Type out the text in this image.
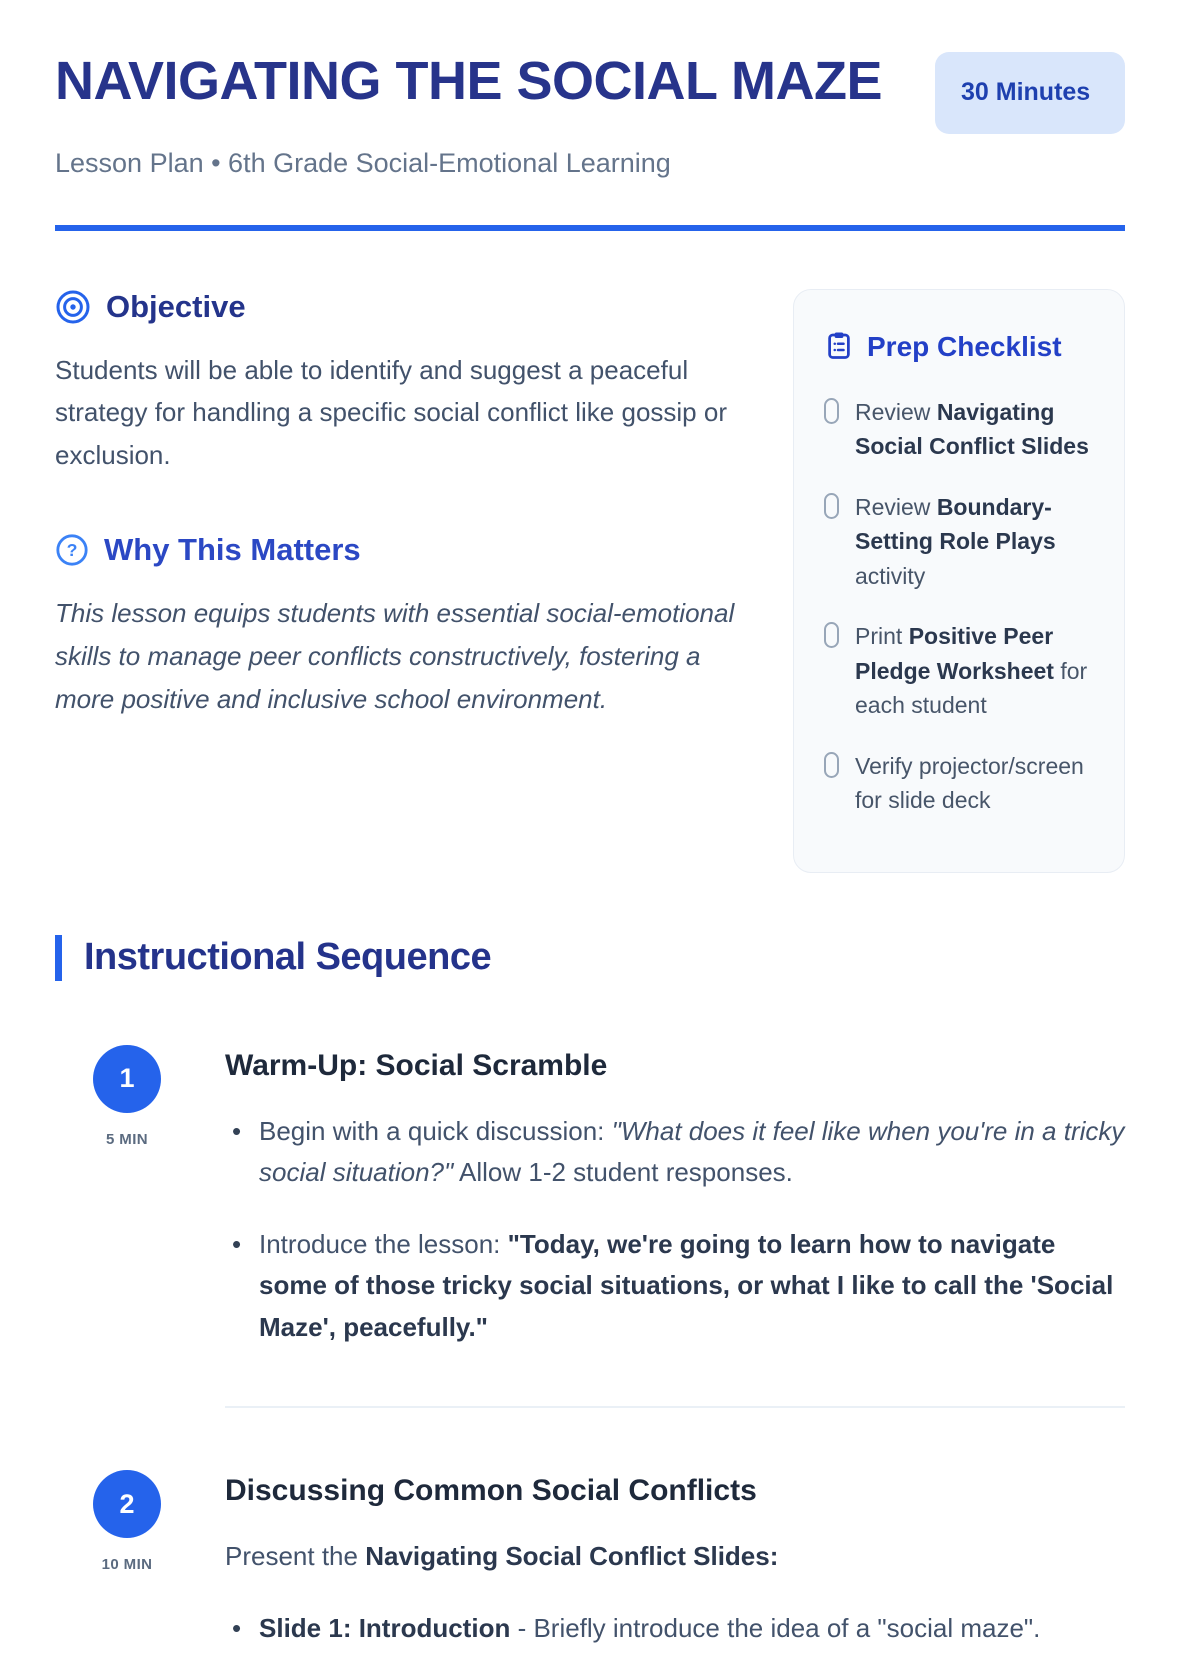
NAVIGATING THE SOCIAL MAZE	30 Minutes

Lesson Plan • 6th Grade Social-Emotional Learning

Objective

Students will be able to identify and suggest a peaceful strategy for handling a specific social conflict like gossip or exclusion.

? Why This Matters

This lesson equips students with essential social-emotional skills to manage peer conflicts constructively, fostering a more positive and inclusive school environment.

Prep Checklist
Review Navigating Social Conflict Slides
Review Boundary-Setting Role Plays activity
Print Positive Peer Pledge Worksheet for each student
Verify projector/screen for slide deck
Instructional Sequence
1
5 MIN
Warm-Up: Social Scramble
• Begin with a quick discussion: "What does it feel like when you're in a tricky social situation?" Allow 1-2 student responses.
• Introduce the lesson: "Today, we're going to learn how to navigate some of those tricky social situations, or what I like to call the 'Social Maze', peacefully."
2
10 MIN
Discussing Common Social Conflicts

Present the Navigating Social Conflict Slides:

• Slide 1: Introduction - Briefly introduce the idea of a "social maze".
